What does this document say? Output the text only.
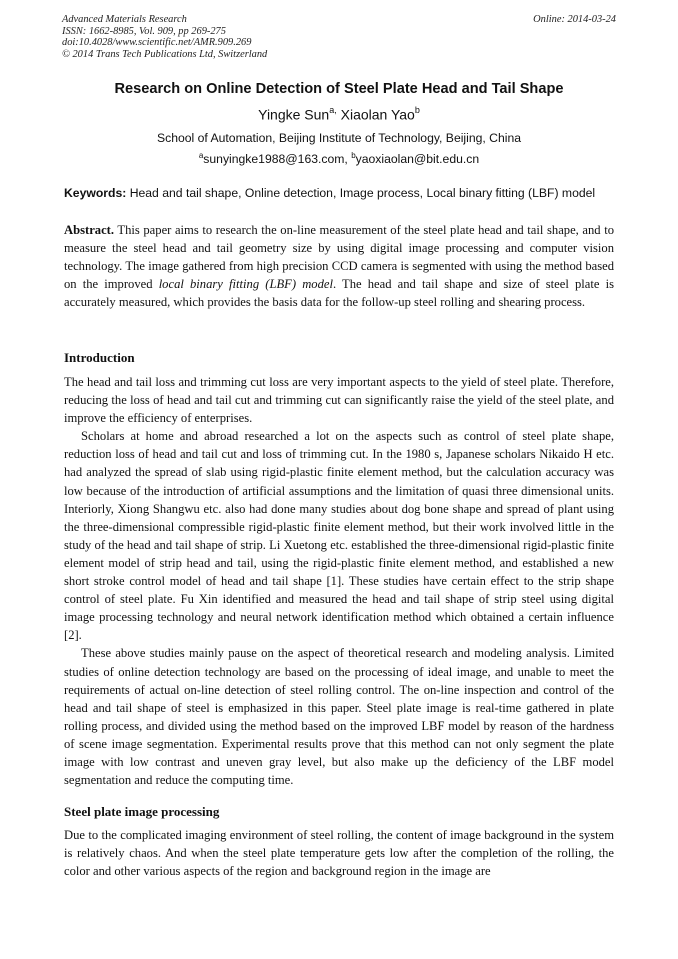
Advanced Materials Research
ISSN: 1662-8985, Vol. 909, pp 269-275
doi:10.4028/www.scientific.net/AMR.909.269
© 2014 Trans Tech Publications Ltd, Switzerland
Online: 2014-03-24
Research on Online Detection of Steel Plate Head and Tail Shape
Yingke Sun$^{a,}$ Xiaolan Yao$^b$
School of Automation, Beijing Institute of Technology, Beijing, China
$^a$sunyingke1988@163.com, $^b$yaoxiaolan@bit.edu.cn
Keywords: Head and tail shape, Online detection, Image process, Local binary fitting (LBF) model

Abstract. This paper aims to research the on-line measurement of the steel plate head and tail shape, and to measure the steel head and tail geometry size by using digital image processing and computer vision technology. The image gathered from high precision CCD camera is segmented with using the method based on the improved local binary fitting (LBF) model. The head and tail shape and size of steel plate is accurately measured, which provides the basis data for the follow-up steel rolling and shearing process.

Introduction

The head and tail loss and trimming cut loss are very important aspects to the yield of steel plate. Therefore, reducing the loss of head and tail cut and trimming cut can significantly raise the yield of the steel plate, and improve the efficiency of enterprises.

Scholars at home and abroad researched a lot on the aspects such as control of steel plate shape, reduction loss of head and tail cut and loss of trimming cut. In the 1980 s, Japanese scholars Nikaido H etc. had analyzed the spread of slab using rigid-plastic finite element method, but the calculation accuracy was low because of the introduction of artificial assumptions and the limitation of quasi three dimensional units. Interiorly, Xiong Shangwu etc. also had done many studies about dog bone shape and spread of plant using the three-dimensional compressible rigid-plastic finite element method, but their work involved little in the study of the head and tail shape of strip. Li Xuetong etc. established the three-dimensional rigid-plastic finite element model of strip head and tail, using the rigid-plastic finite element method, and established a new short stroke control model of head and tail shape [1]. These studies have certain effect to the strip shape control of steel plate. Fu Xin identified and measured the head and tail shape of strip steel using digital image processing technology and neural network identification method which obtained a certain influence [2].

These above studies mainly pause on the aspect of theoretical research and modeling analysis. Limited studies of online detection technology are based on the processing of ideal image, and unable to meet the requirements of actual on-line detection of steel rolling control. The on-line inspection and control of the head and tail shape of steel is emphasized in this paper. Steel plate image is real-time gathered in plate rolling process, and divided using the method based on the improved LBF model by reason of the hardness of scene image segmentation. Experimental results prove that this method can not only segment the plate image with low contrast and uneven gray level, but also make up the deficiency of the LBF model segmentation and reduce the computing time.

Steel plate image processing

Due to the complicated imaging environment of steel rolling, the content of image background in the system is relatively chaos. And when the steel plate temperature gets low after the completion of the rolling, the color and other various aspects of the region and background region in the image are
